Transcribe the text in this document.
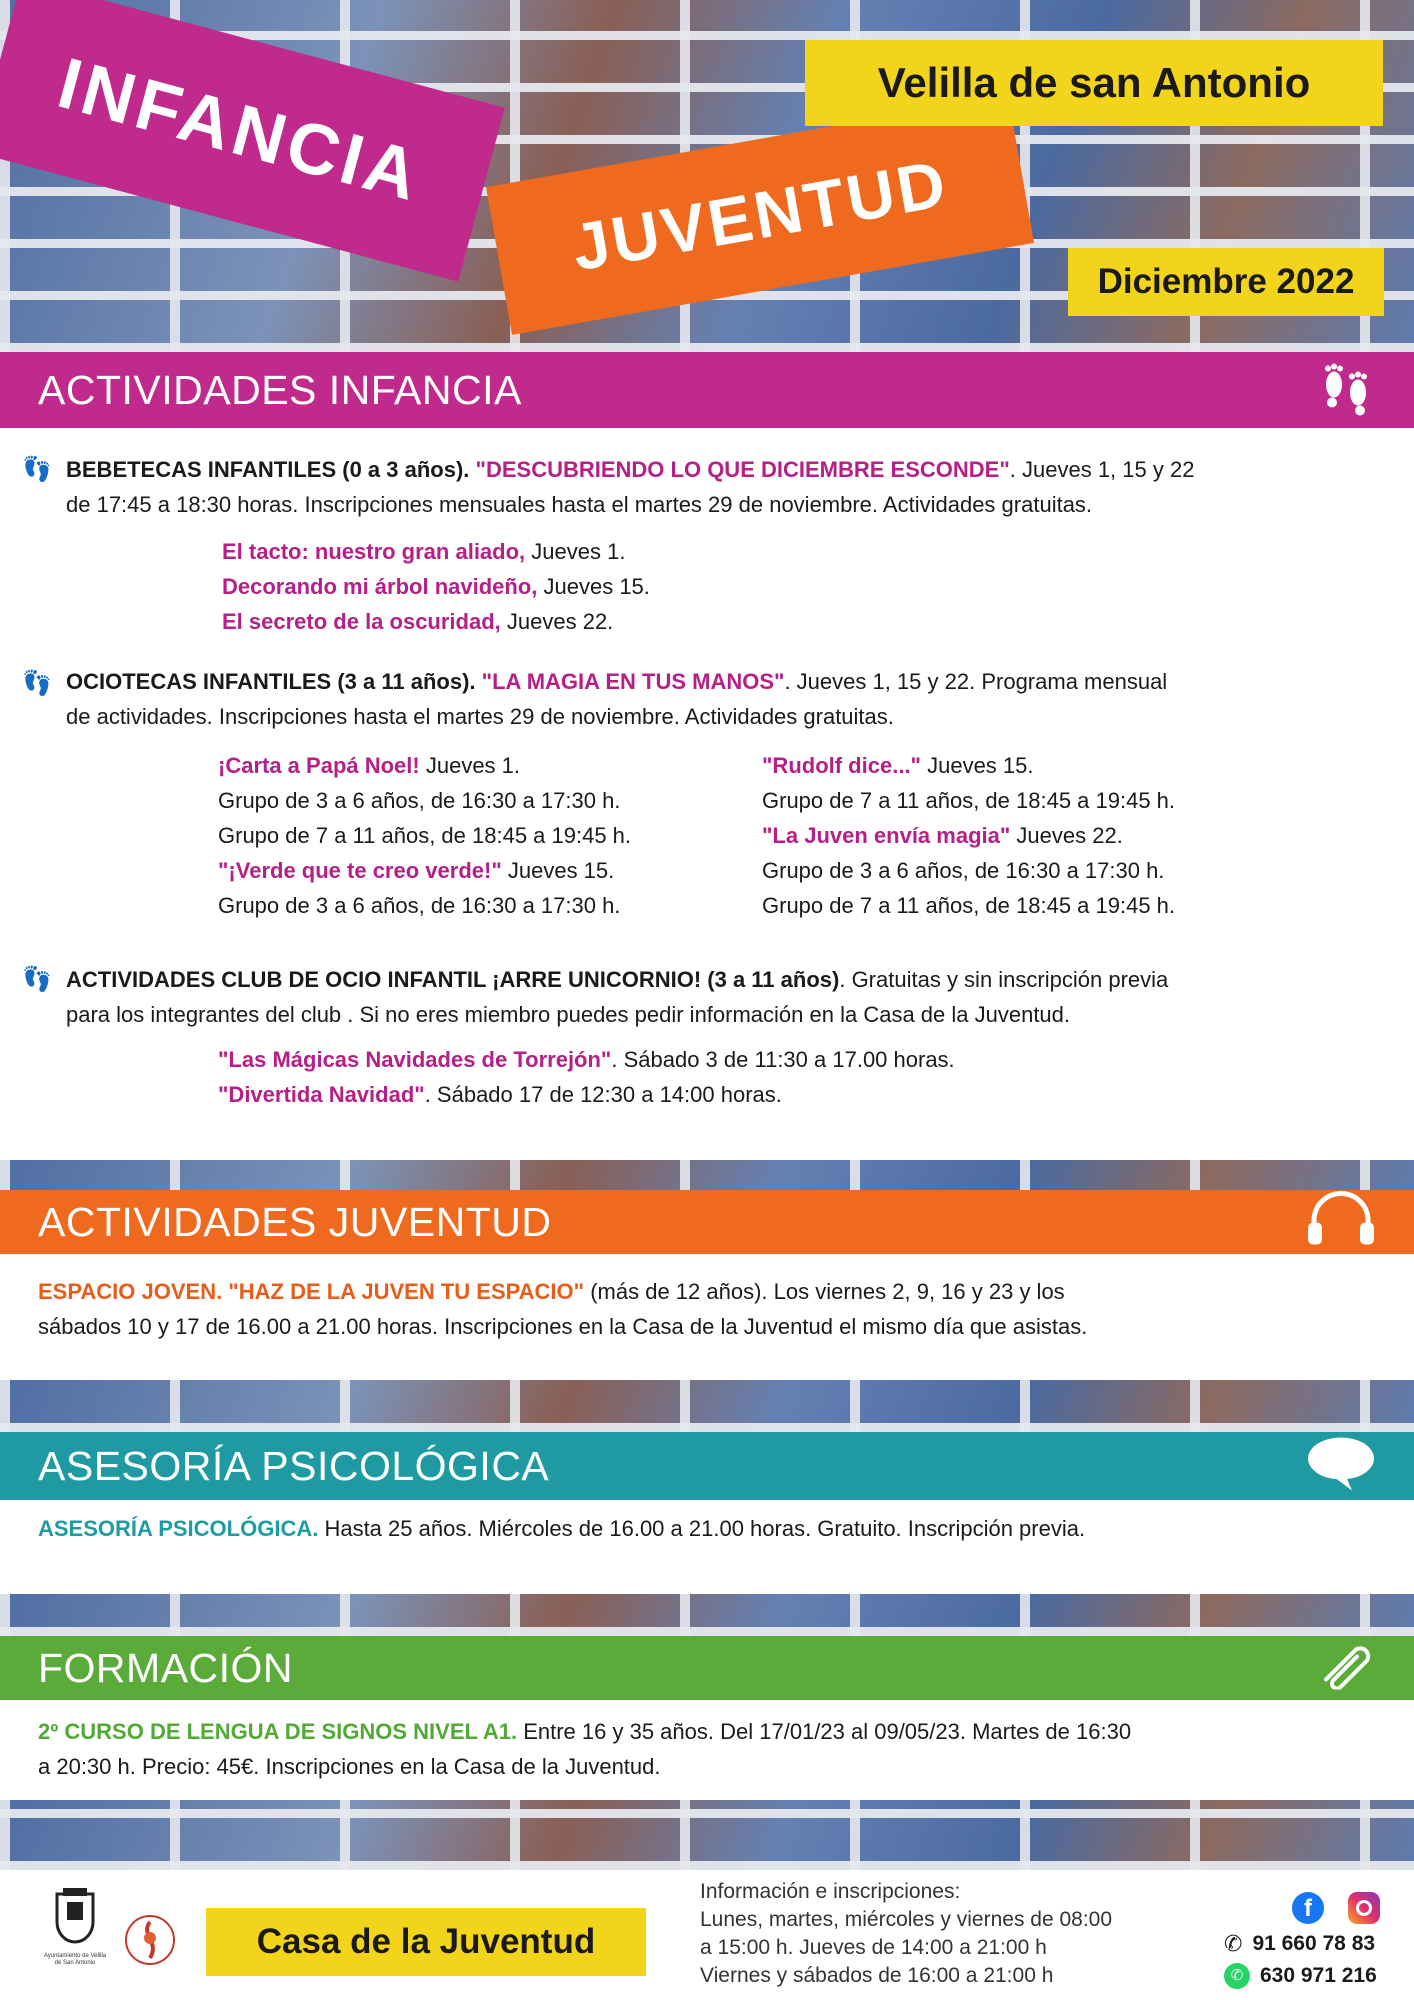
INFANCIA JUVENTUD
Velilla de san Antonio
Diciembre 2022
ACTIVIDADES INFANCIA
👣 BEBETECAS INFANTILES (0 a 3 años). "DESCUBRIENDO LO QUE DICIEMBRE ESCONDE". Jueves 1, 15 y 22
de 17:45 a 18:30 horas. Inscripciones mensuales hasta el martes 29 de noviembre. Actividades gratuitas.
El tacto: nuestro gran aliado, Jueves 1.
Decorando mi árbol navideño, Jueves 15.
El secreto de la oscuridad, Jueves 22.
👣 OCIOTECAS INFANTILES (3 a 11 años). "LA MAGIA EN TUS MANOS". Jueves 1, 15 y 22. Programa mensual
de actividades. Inscripciones hasta el martes 29 de noviembre. Actividades gratuitas.
¡Carta a Papá Noel! Jueves 1.
Grupo de 3 a 6 años, de 16:30 a 17:30 h.
Grupo de 7 a 11 años, de 18:45 a 19:45 h.
"¡Verde que te creo verde!" Jueves 15.
Grupo de 3 a 6 años, de 16:30 a 17:30 h.
"Rudolf dice..." Jueves 15.
Grupo de 7 a 11 años, de 18:45 a 19:45 h.
"La Juven envía magia" Jueves 22.
Grupo de 3 a 6 años, de 16:30 a 17:30 h.
Grupo de 7 a 11 años, de 18:45 a 19:45 h.
👣 ACTIVIDADES CLUB DE OCIO INFANTIL ¡ARRE UNICORNIO! (3 a 11 años). Gratuitas y sin inscripción previa
para los integrantes del club . Si no eres miembro puedes pedir información en la Casa de la Juventud.
"Las Mágicas Navidades de Torrejón". Sábado 3 de 11:30 a 17.00 horas.
"Divertida Navidad". Sábado 17 de 12:30 a 14:00 horas.
ACTIVIDADES JUVENTUD
ESPACIO JOVEN. "HAZ DE LA JUVEN TU ESPACIO" (más de 12 años). Los viernes 2, 9, 16 y 23 y los
sábados 10 y 17 de 16.00 a 21.00 horas. Inscripciones en la Casa de la Juventud el mismo día que asistas.
ASESORÍA PSICOLÓGICA
ASESORÍA PSICOLÓGICA. Hasta 25 años. Miércoles de 16.00 a 21.00 horas. Gratuito. Inscripción previa.
FORMACIÓN
2º CURSO DE LENGUA DE SIGNOS NIVEL A1. Entre 16 y 35 años. Del 17/01/23 al 09/05/23. Martes de 16:30
a 20:30 h. Precio: 45€. Inscripciones en la Casa de la Juventud.
Ayuntamiento de Velilla de San Antonio
Casa de la Juventud
Información e inscripciones:
Lunes, martes, miércoles y viernes de 08:00
a 15:00 h. Jueves de 14:00 a 21:00 h
Viernes y sábados de 16:00 a 21:00 h
f
✆ 91 660 78 83
✆ 630 971 216
